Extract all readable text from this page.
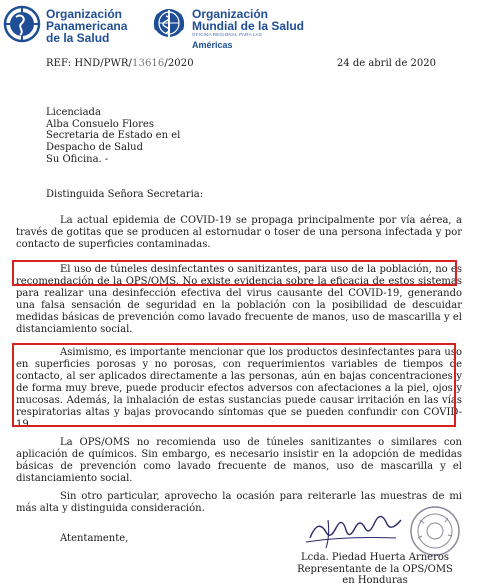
Organización
Panamericana
de la Salud
Organización
Mundial de la Salud

OFICINA REGIONAL PARA LAS
Américas
REF: HND/PWR/13616/2020	24 de abril de 2020
Licenciada
Alba Consuelo Flores
Secretaria de Estado en el
Despacho de Salud
Su Oficina. -
Distinguida Señora Secretaria:
La actual epidemia de COVID-19 se propaga principalmente por vía aérea, a través de gotitas que se producen al estornudar o toser de una persona infectada y por contacto de superficies contaminadas.
El uso de túneles desinfectantes o sanitizantes, para uso de la población, no es recomendación de la OPS/OMS. No existe evidencia sobre la eficacia de estos sistemas para realizar una desinfección efectiva del virus causante del COVID-19, generando una falsa sensación de seguridad en la población con la posibilidad de descuidar medidas básicas de prevención como lavado frecuente de manos, uso de mascarilla y el distanciamiento social.
Asimismo, es importante mencionar que los productos desinfectantes para uso en superficies porosas y no porosas, con requerimientos variables de tiempos de contacto, al ser aplicados directamente a las personas, aún en bajas concentraciones y de forma muy breve, puede producir efectos adversos con afectaciones a la piel, ojos y mucosas. Además, la inhalación de estas sustancias puede causar irritación en las vías respiratorias altas y bajas provocando síntomas que se pueden confundir con COVID-19.
La OPS/OMS no recomienda uso de túneles sanitizantes o similares con aplicación de químicos. Sin embargo, es necesario insistir en la adopción de medidas básicas de prevención como lavado frecuente de manos, uso de mascarilla y el distanciamiento social.
Sin otro particular, aprovecho la ocasión para reiterarle las muestras de mi más alta y distinguida consideración.
Atentamente,
Lcda. Piedad Huerta Arneros
Representante de la OPS/OMS
en Honduras
